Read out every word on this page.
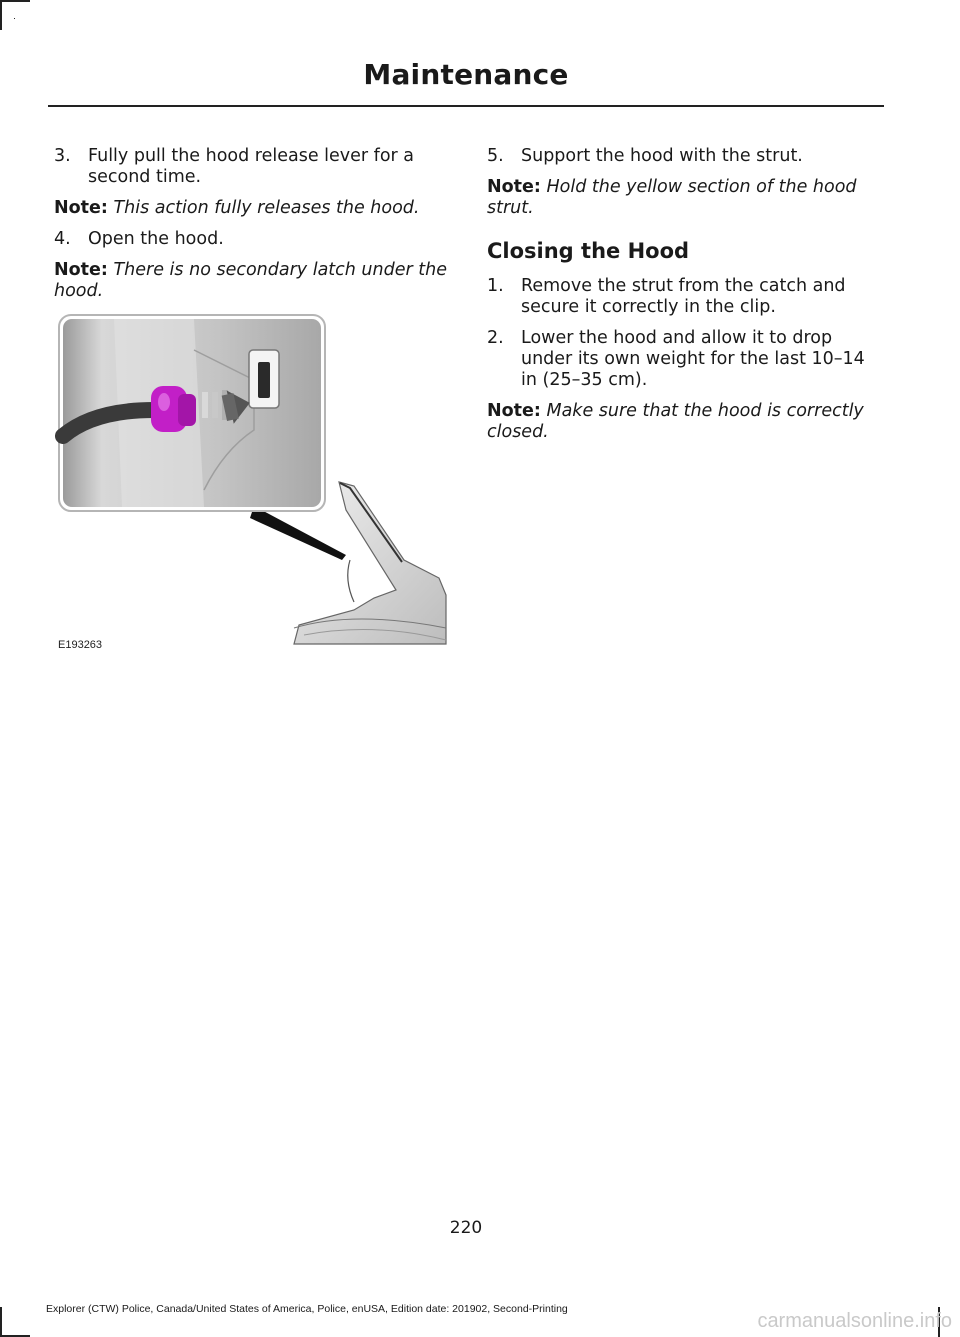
Maintenance
3. Fully pull the hood release lever for a second time.

Note: This action fully releases the hood.

4. Open the hood.

Note: There is no secondary latch under the hood.

E193263
5. Support the hood with the strut.

Note: Hold the yellow section of the hood strut.

Closing the Hood
1. Remove the strut from the catch and secure it correctly in the clip.
2. Lower the hood and allow it to drop under its own weight for the last 10–14 in (25–35 cm).

Note: Make sure that the hood is correctly closed.

220
Explorer (CTW) Police, Canada/United States of America, Police, enUSA, Edition date: 201902, Second-Printing
carmanualsonline.info
